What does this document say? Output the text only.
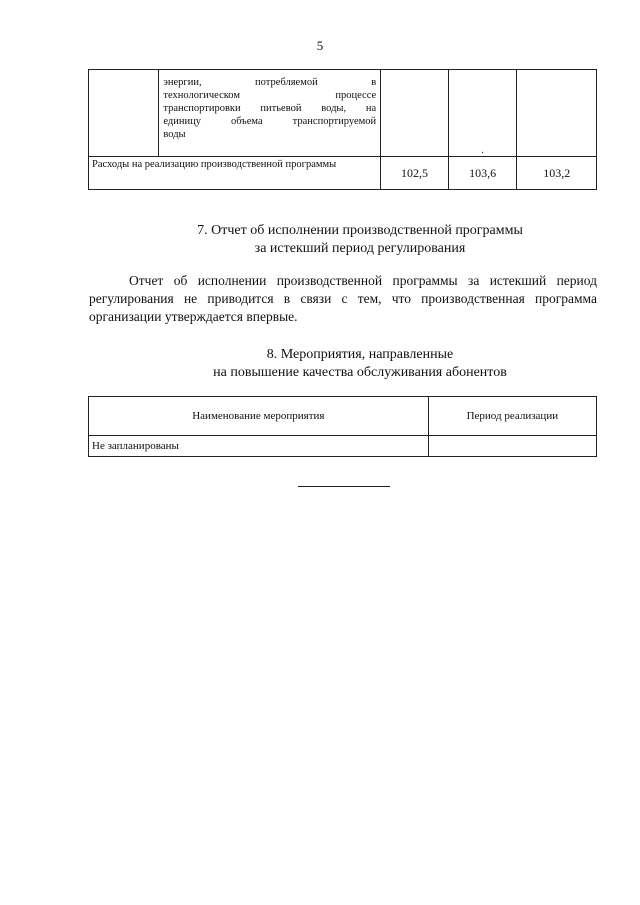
5

	энергии, потребляемой в
технологическом процессе
транспортировки питьевой воды, на
единицу объема транспортируемой
воды		.	
Расходы на реализацию производственной программы		102,5	103,6	103,2
7. Отчет об исполнении производственной программы
за истекший период регулирования
Отчет об исполнении производственной программы за истекший период регулирования не приводится в связи с тем, что производственная программа организации утверждается впервые.
8. Мероприятия, направленные
на повышение качества обслуживания абонентов
Наименование мероприятия	Период реализации
Не запланированы	
